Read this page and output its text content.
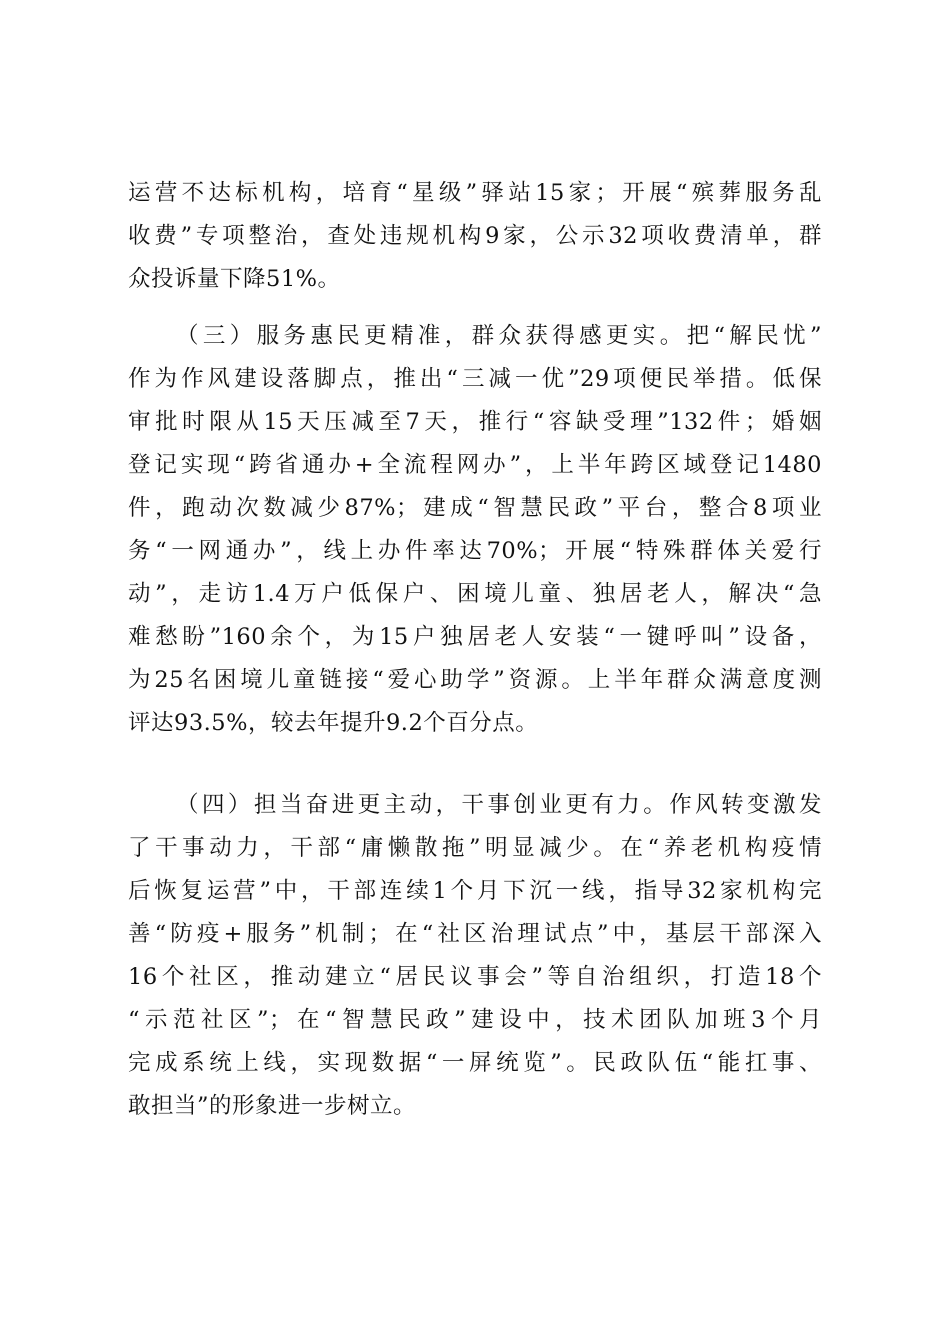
运营不达标机构，培育“星级”驿站15家；开展“殡葬服务乱
收费”专项整治，查处违规机构9家，公示32项收费清单，群
众投诉量下降51%。
（三）服务惠民更精准，群众获得感更实。把“解民忧”
作为作风建设落脚点，推出“三减一优”29项便民举措。低保
审批时限从15天压减至7天，推行“容缺受理”132件；婚姻
登记实现“跨省通办+全流程网办”，上半年跨区域登记1480
件，跑动次数减少87%；建成“智慧民政”平台，整合8项业
务“一网通办”，线上办件率达70%；开展“特殊群体关爱行
动”，走访1.4万户低保户、困境儿童、独居老人，解决“急
难愁盼”160余个，为15户独居老人安装“一键呼叫”设备，
为25名困境儿童链接“爱心助学”资源。上半年群众满意度测
评达93.5%，较去年提升9.2个百分点。
（四）担当奋进更主动，干事创业更有力。作风转变激发
了干事动力，干部“庸懒散拖”明显减少。在“养老机构疫情
后恢复运营”中，干部连续1个月下沉一线，指导32家机构完
善“防疫+服务”机制；在“社区治理试点”中，基层干部深入
16个社区，推动建立“居民议事会”等自治组织，打造18个
“示范社区”；在“智慧民政”建设中，技术团队加班3个月
完成系统上线，实现数据“一屏统览”。民政队伍“能扛事、
敢担当”的形象进一步树立。
